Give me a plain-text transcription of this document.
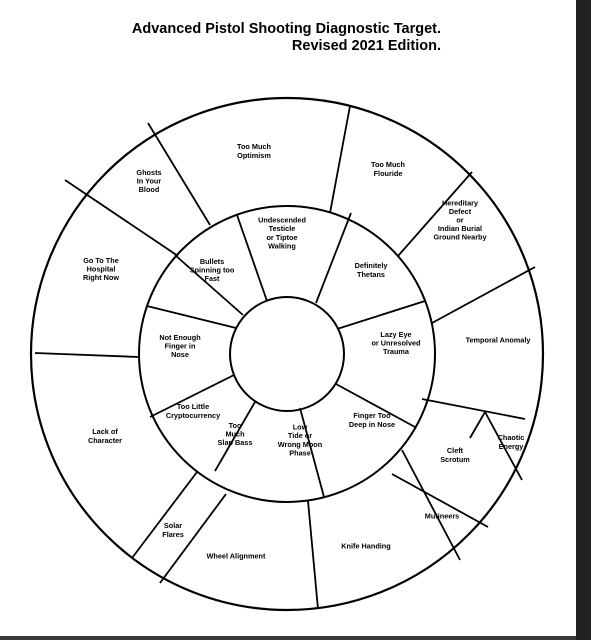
Advanced Pistol Shooting Diagnostic Target.

Revised 2021 Edition.

Undescended Testicle or Tiptoe Walking
Definitely Thetans
Lazy Eye or Unresolved Trauma
Finger Too Deep in Nose
Low Tide or Wrong Moon Phase
Too Much Slap Bass
Too Little Cryptocurrency
Not Enough Finger in Nose
Bullets Spinning too Fast
Too Much Optimism
Too Much Flouride
Hereditary Defect or Indian Burial Ground Nearby
Temporal Anomaly
Chaotic Energy
Cleft Scrotum
Mutineers
Knife Handing
Wheel Alignment
Solar Flares
Lack of Character
Go To The Hospital Right Now
Ghosts In Your Blood
